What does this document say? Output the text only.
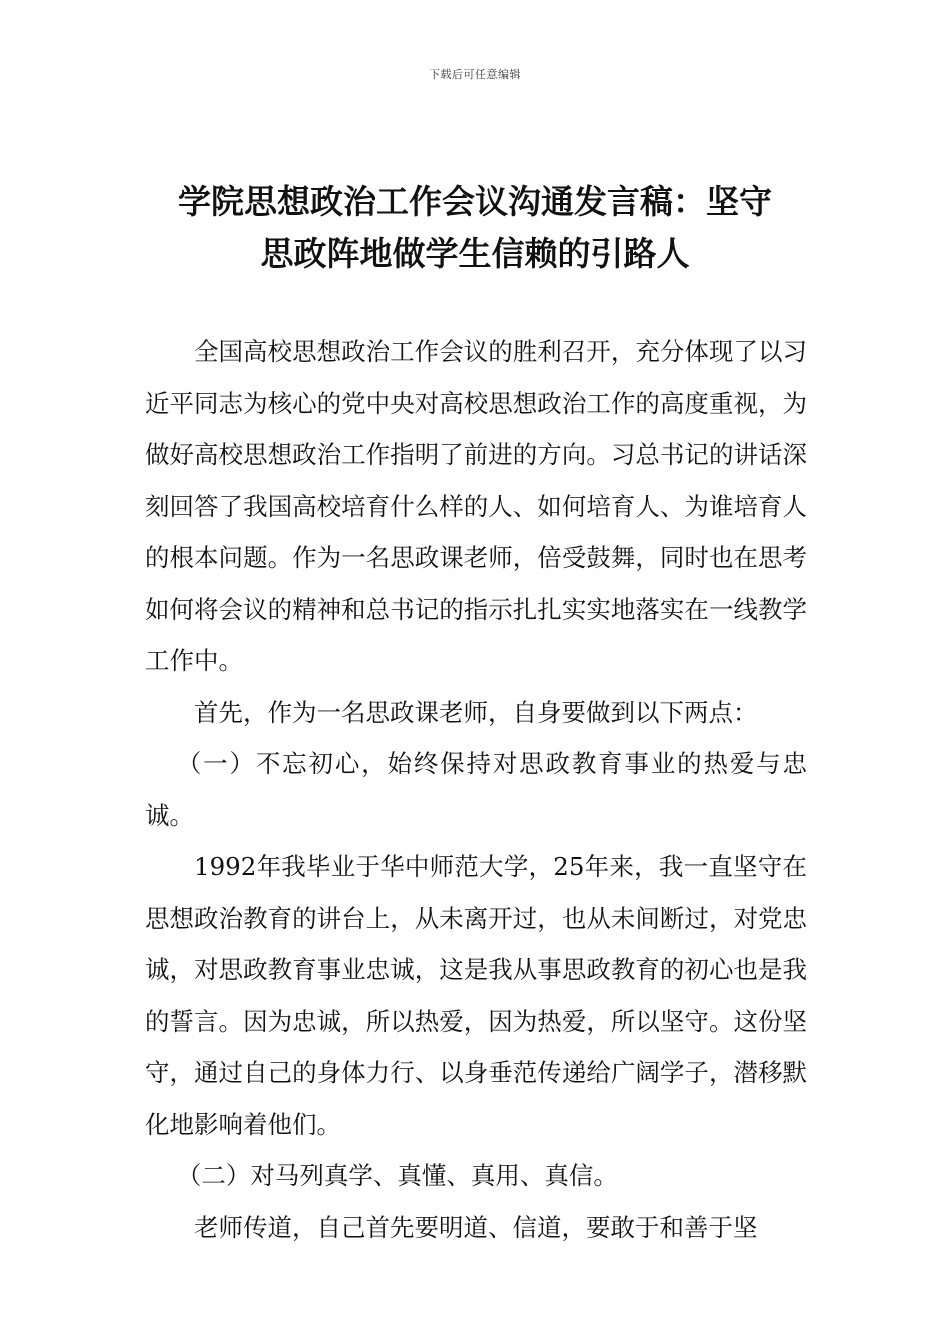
下载后可任意编辑
学院思想政治工作会议沟通发言稿：坚守
思政阵地做学生信赖的引路人

全国高校思想政治工作会议的胜利召开，充分体现了以习近平同志为核心的党中央对高校思想政治工作的高度重视，为做好高校思想政治工作指明了前进的方向。习总书记的讲话深刻回答了我国高校培育什么样的人、如何培育人、为谁培育人的根本问题。作为一名思政课老师，倍受鼓舞，同时也在思考如何将会议的精神和总书记的指示扎扎实实地落实在一线教学工作中。

首先，作为一名思政课老师，自身要做到以下两点：

（一）不忘初心，始终保持对思政教育事业的热爱与忠诚。

1992年我毕业于华中师范大学，25年来，我一直坚守在思想政治教育的讲台上，从未离开过，也从未间断过，对党忠诚，对思政教育事业忠诚，这是我从事思政教育的初心也是我的誓言。因为忠诚，所以热爱，因为热爱，所以坚守。这份坚守，通过自己的身体力行、以身垂范传递给广阔学子，潜移默化地影响着他们。

（二）对马列真学、真懂、真用、真信。

老师传道，自己首先要明道、信道，要敢于和善于坚
